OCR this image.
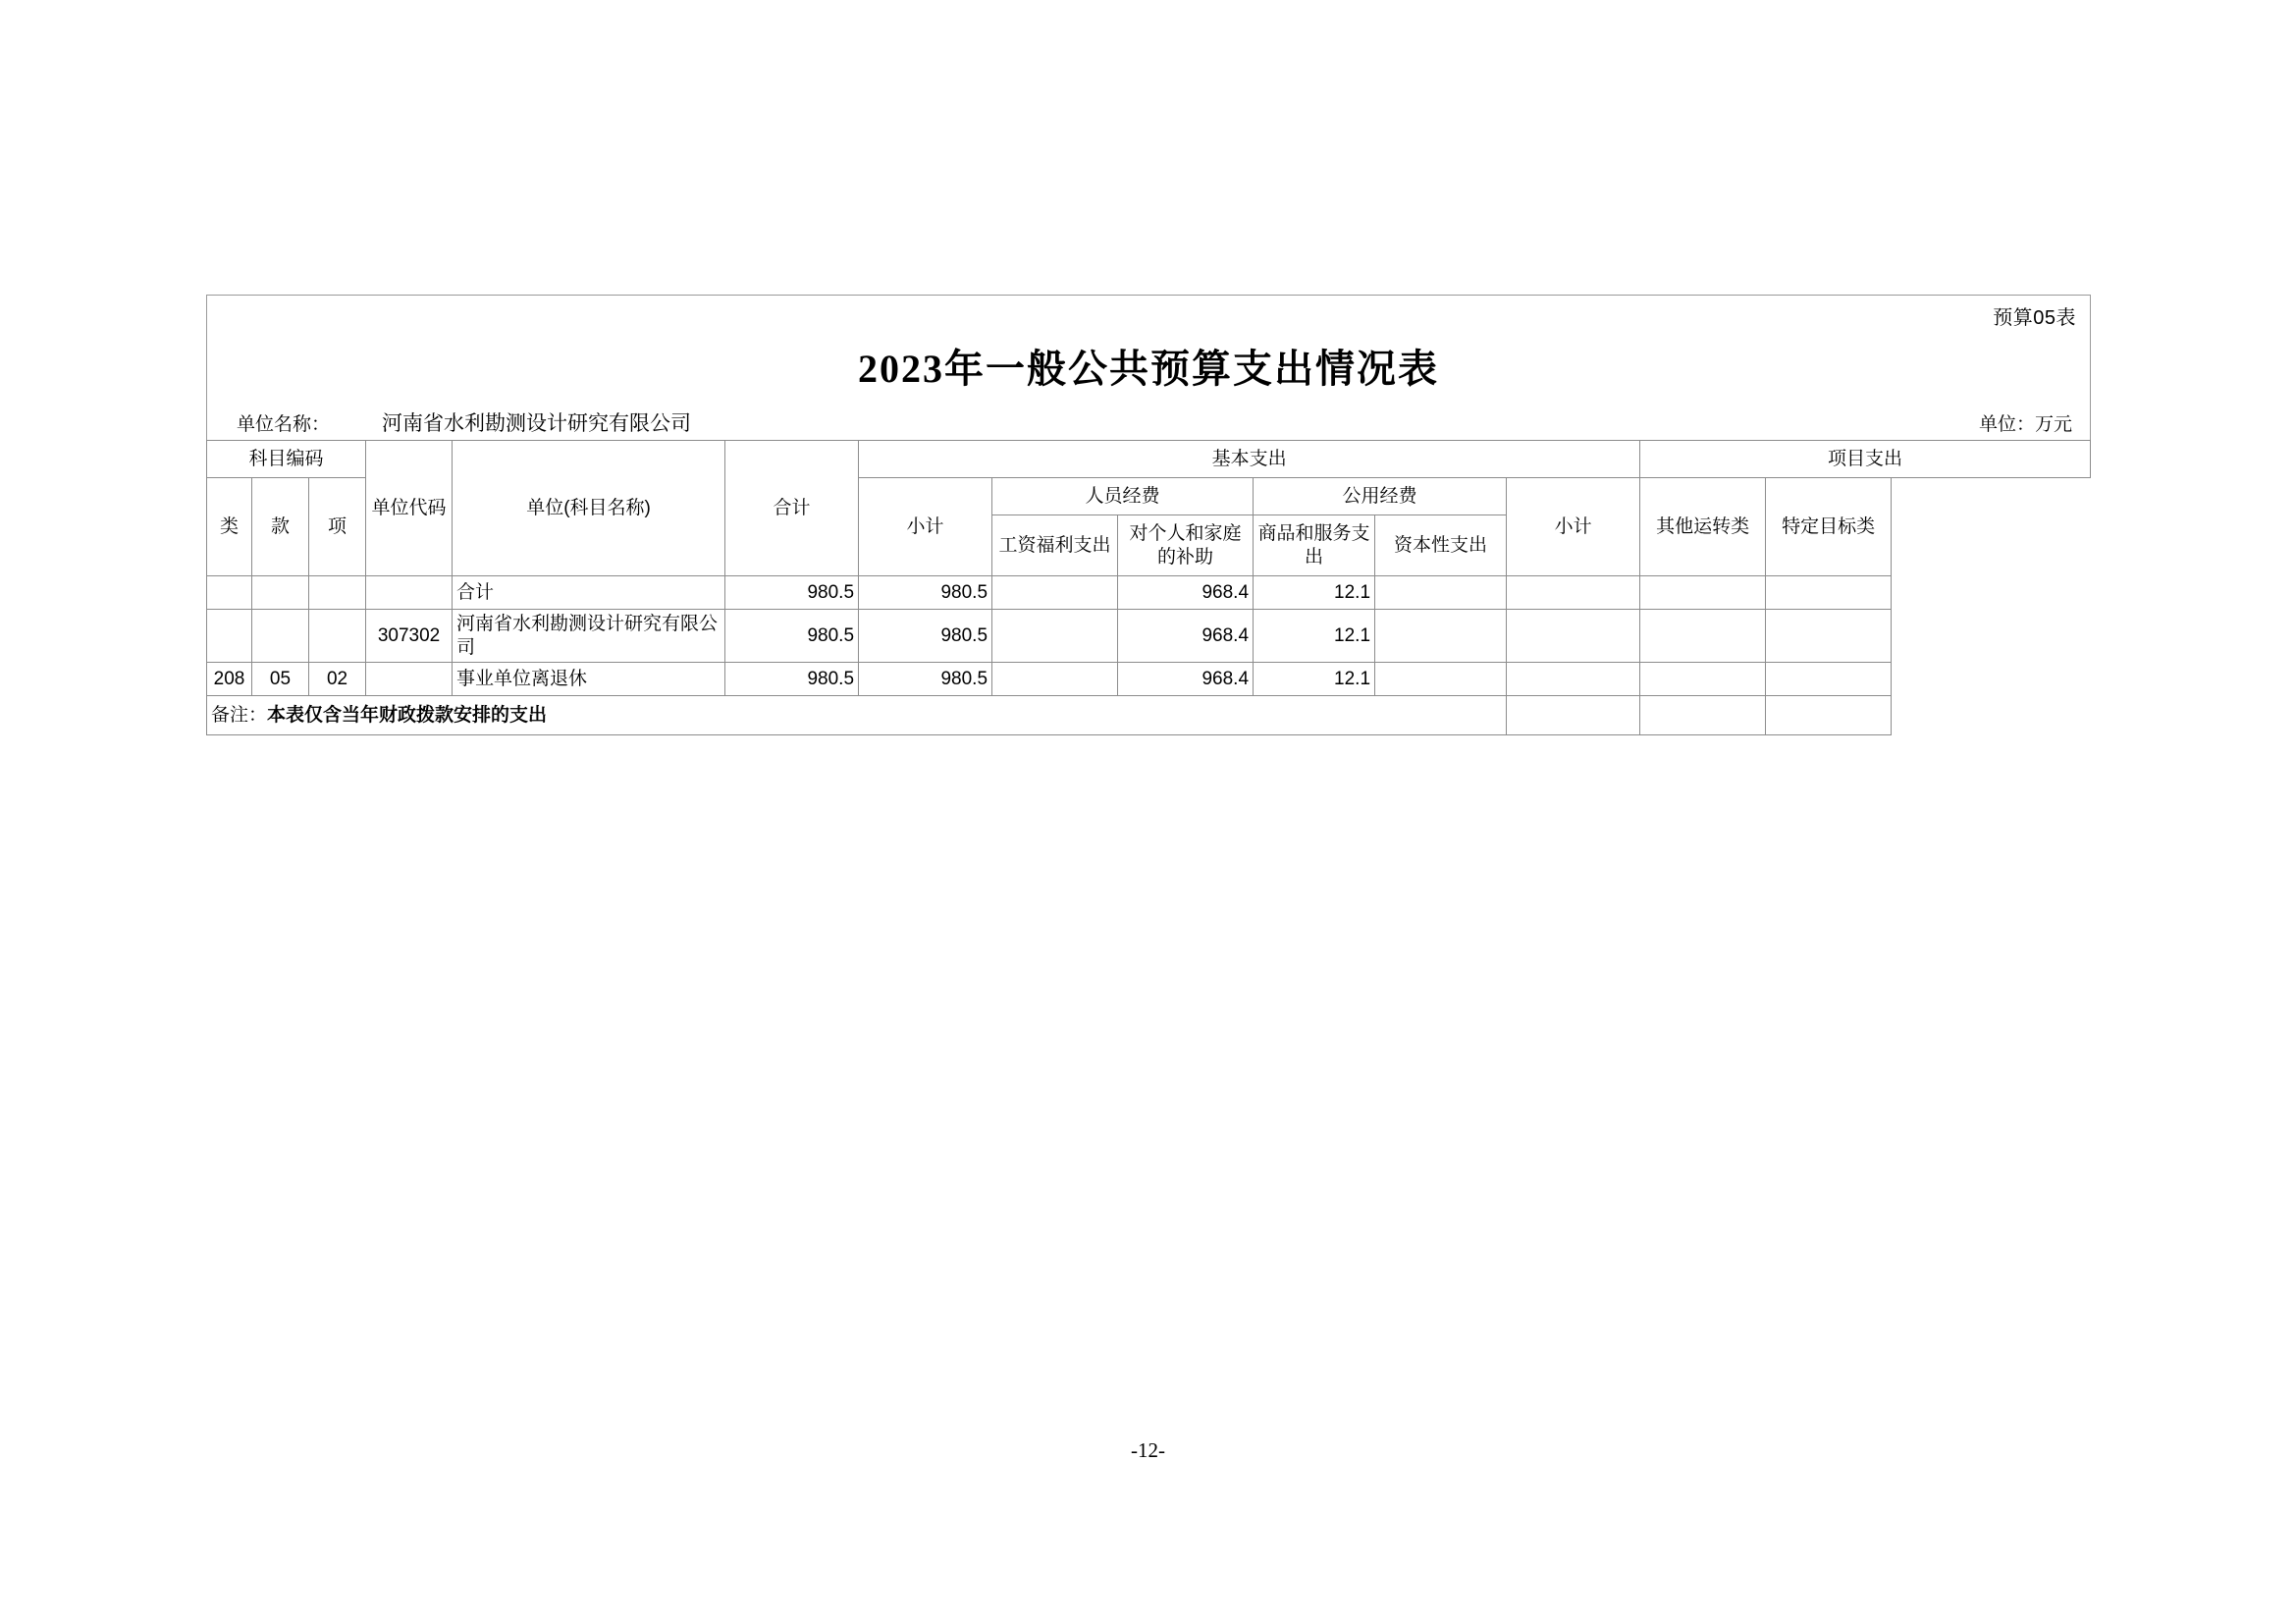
预算05表
2023年一般公共预算支出情况表
单位名称：	河南省水利勘测设计研究有限公司	单位：万元
科目编码			单位代码	单位(科目名称)	合计	基本支出						项目支出	
类	款	项				小计	人员经费		公用经费		小计	其他运转类	特定目标类
							工资福利支出	对个人和家庭的补助	商品和服务支出	资本性支出			
				合计	980.5	980.5		968.4	12.1				
			307302	河南省水利勘测设计研究有限公司	980.5	980.5		968.4	12.1				
208	05	02		事业单位离退休	980.5	980.5		968.4	12.1				
备注：本表仅含当年财政拨款安排的支出													
-12-
